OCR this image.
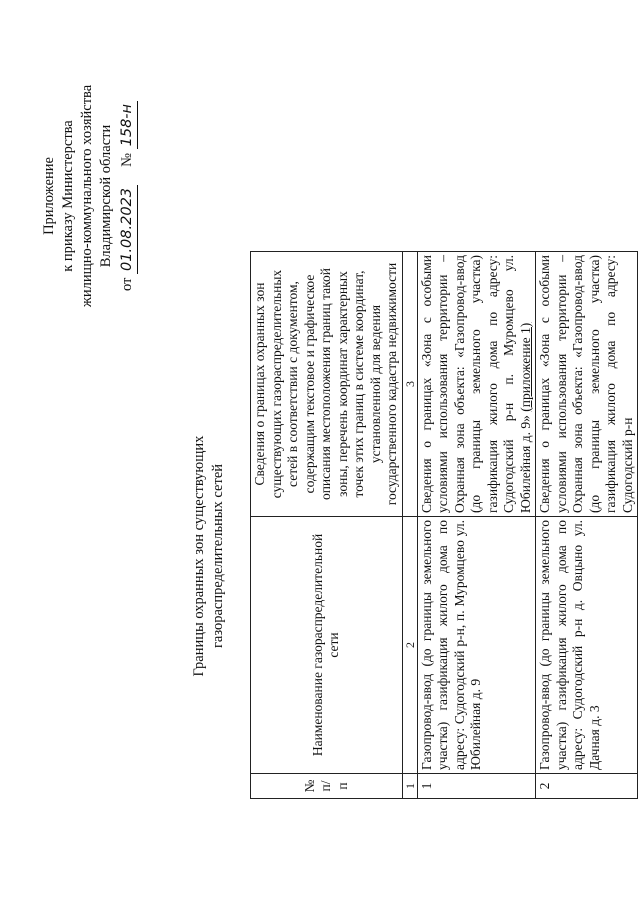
Приложение к приказу Министерства жилищно-коммунального хозяйства Владимирской области
от 01.08.2023     № 158-н
Границы охранных зон существующих газораспределительных сетей
№ п/п	Наименование газораспределительной сети	Сведения о границах охранных зон существующих газораспределительных сетей в соответствии с документом, содержащим текстовое и графическое описания местоположения границ такой зоны, перечень координат характерных точек этих границ в системе координат, установленной для ведения государственного кадастра недвижимости
1	2	3
1	Газопровод-ввод (до границы земельного участка) газификация жилого дома по адресу: Судогодский р-н, п. Муромцево ул. Юбилейная д. 9	Сведения о границах «Зона с особыми условиями использования территории – Охранная зона объекта: «Газопровод-ввод (до границы земельного участка) газификация жилого дома по адресу: Судогодский р-н п. Муромцево ул. Юбилейная д. 9» (приложение 1)
2	Газопровод-ввод (до границы земельного участка) газификация жилого дома по адресу: Судогодский р-н д. Овцыно ул. Дачная д. 3	Сведения о границах «Зона с особыми условиями использования территории – Охранная зона объекта: «Газопровод-ввод (до границы земельного участка) газификация жилого дома по адресу: Судогодский р-н
